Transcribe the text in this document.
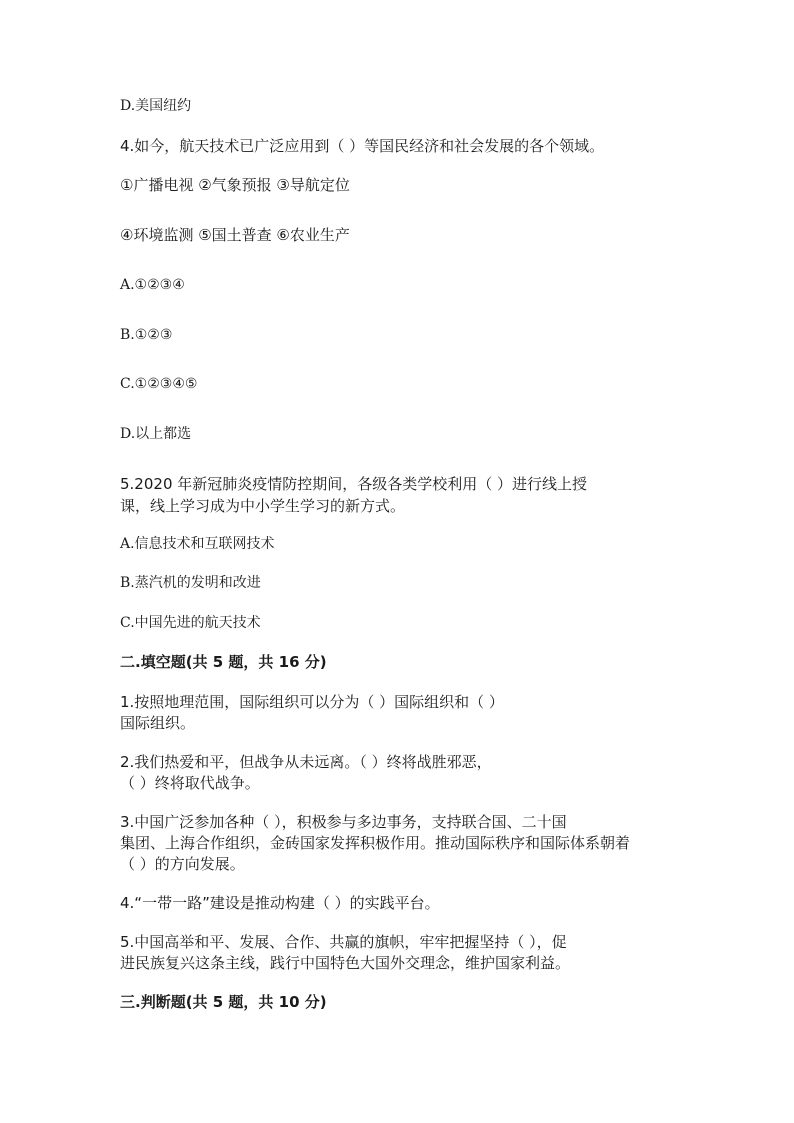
D.美国纽约
4.如今，航天技术已广泛应用到（ ）等国民经济和社会发展的各个领域。
①广播电视 ②气象预报 ③导航定位
④环境监测 ⑤国土普查 ⑥农业生产
A.①②③④
B.①②③
C.①②③④⑤
D.以上都选
5.2020 年新冠肺炎疫情防控期间，各级各类学校利用（ ）进行线上授
课，线上学习成为中小学生学习的新方式。
A.信息技术和互联网技术
B.蒸汽机的发明和改进
C.中国先进的航天技术
二.填空题(共 5 题，共 16 分)
1.按照地理范围，国际组织可以分为（ ）国际组织和（ ）
国际组织。
2.我们热爱和平，但战争从未远离。（ ）终将战胜邪恶，
（ ）终将取代战争。
3.中国广泛参加各种（ ），积极参与多边事务，支持联合国、二十国
集团、上海合作组织，金砖国家发挥积极作用。推动国际秩序和国际体系朝着
（ ）的方向发展。
4.“一带一路”建设是推动构建（ ）的实践平台。
5.中国高举和平、发展、合作、共赢的旗帜，牢牢把握坚持（ ），促
进民族复兴这条主线，践行中国特色大国外交理念，维护国家利益。
三.判断题(共 5 题，共 10 分)
